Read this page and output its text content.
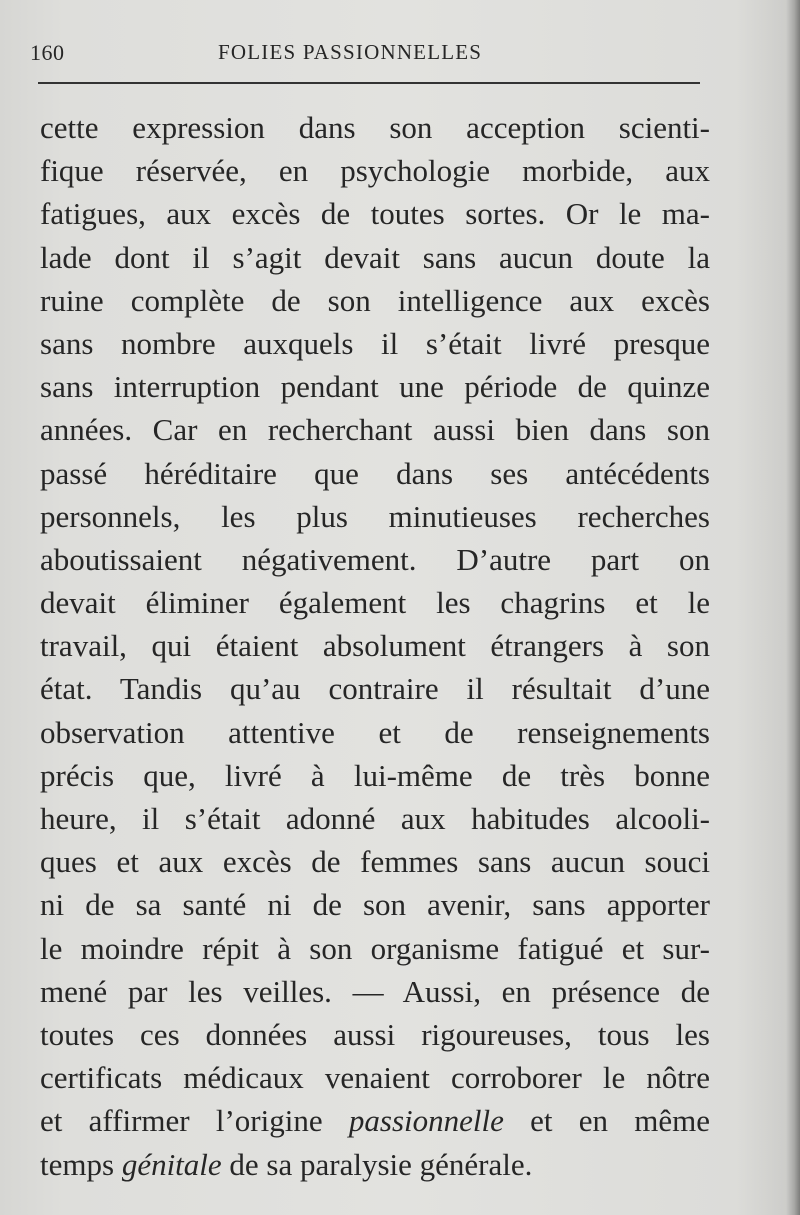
160	FOLIES PASSIONNELLES
cette expression dans son acception scienti-
fique réservée, en psychologie morbide, aux
fatigues, aux excès de toutes sortes. Or le ma-
lade dont il s’agit devait sans aucun doute la
ruine complète de son intelligence aux excès
sans nombre auxquels il s’était livré presque
sans interruption pendant une période de quinze
années. Car en recherchant aussi bien dans son
passé héréditaire que dans ses antécédents
personnels, les plus minutieuses recherches
aboutissaient négativement. D’autre part on
devait éliminer également les chagrins et le
travail, qui étaient absolument étrangers à son
état. Tandis qu’au contraire il résultait d’une
observation attentive et de renseignements
précis que, livré à lui-même de très bonne
heure, il s’était adonné aux habitudes alcooli-
ques et aux excès de femmes sans aucun souci
ni de sa santé ni de son avenir, sans apporter
le moindre répit à son organisme fatigué et sur-
mené par les veilles. — Aussi, en présence de
toutes ces données aussi rigoureuses, tous les
certificats médicaux venaient corroborer le nôtre
et affirmer l’origine passionnelle et en même
temps génitale de sa paralysie générale.
